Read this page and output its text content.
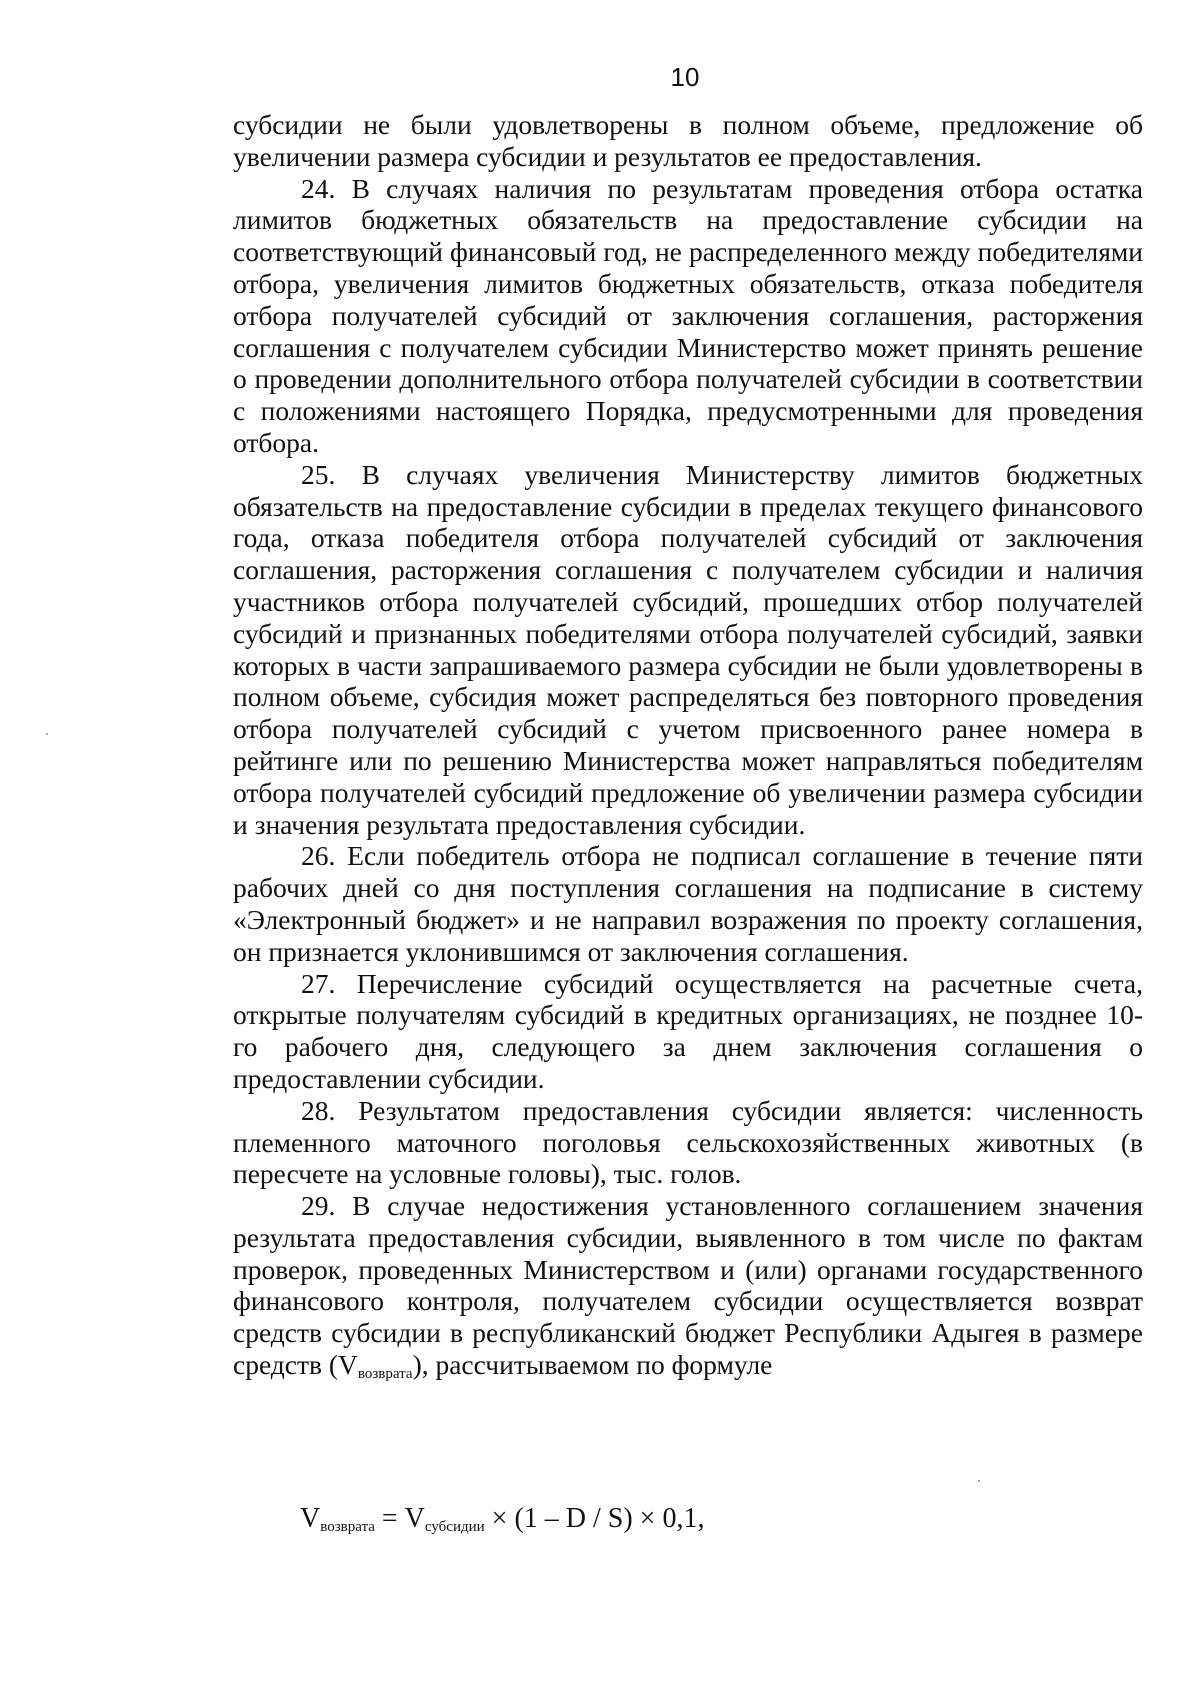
10

субсидии не были удовлетворены в полном объеме, предложение об увеличении размера субсидии и результатов ее предоставления.

24. В случаях наличия по результатам проведения отбора остатка лимитов бюджетных обязательств на предоставление субсидии на соответствующий финансовый год, не распределенного между победителями отбора, увеличения лимитов бюджетных обязательств, отказа победителя отбора получателей субсидий от заключения соглашения, расторжения соглашения с получателем субсидии Министерство может принять решение о проведении дополнительного отбора получателей субсидии в соответствии с положениями настоящего Порядка, предусмотренными для проведения отбора.

25. В случаях увеличения Министерству лимитов бюджетных обязательств на предоставление субсидии в пределах текущего финансового года, отказа победителя отбора получателей субсидий от заключения соглашения, расторжения соглашения с получателем субсидии и наличия участников отбора получателей субсидий, прошедших отбор получателей субсидий и признанных победителями отбора получателей субсидий, заявки которых в части запрашиваемого размера субсидии не были удовлетворены в полном объеме, субсидия может распределяться без повторного проведения отбора получателей субсидий с учетом присвоенного ранее номера в рейтинге или по решению Министерства может направляться победителям отбора получателей субсидий предложение об увеличении размера субсидии и значения результата предоставления субсидии.

26. Если победитель отбора не подписал соглашение в течение пяти рабочих дней со дня поступления соглашения на подписание в систему «Электронный бюджет» и не направил возражения по проекту соглашения, он признается уклонившимся от заключения соглашения.

27. Перечисление субсидий осуществляется на расчетные счета, открытые получателям субсидий в кредитных организациях, не позднее 10-го рабочего дня, следующего за днем заключения соглашения о предоставлении субсидии.

28. Результатом предоставления субсидии является: численность племенного маточного поголовья сельскохозяйственных животных (в пересчете на условные головы), тыс. голов.

29. В случае недостижения установленного соглашением значения результата предоставления субсидии, выявленного в том числе по фактам проверок, проведенных Министерством и (или) органами государственного финансового контроля, получателем субсидии осуществляется возврат средств субсидии в республиканский бюджет Республики Адыгея в размере средств (Vвозврата), рассчитываемом по формуле

$V_{возврата} = V_{субсидии} \times (1 - D / S) \times 0,1$,
